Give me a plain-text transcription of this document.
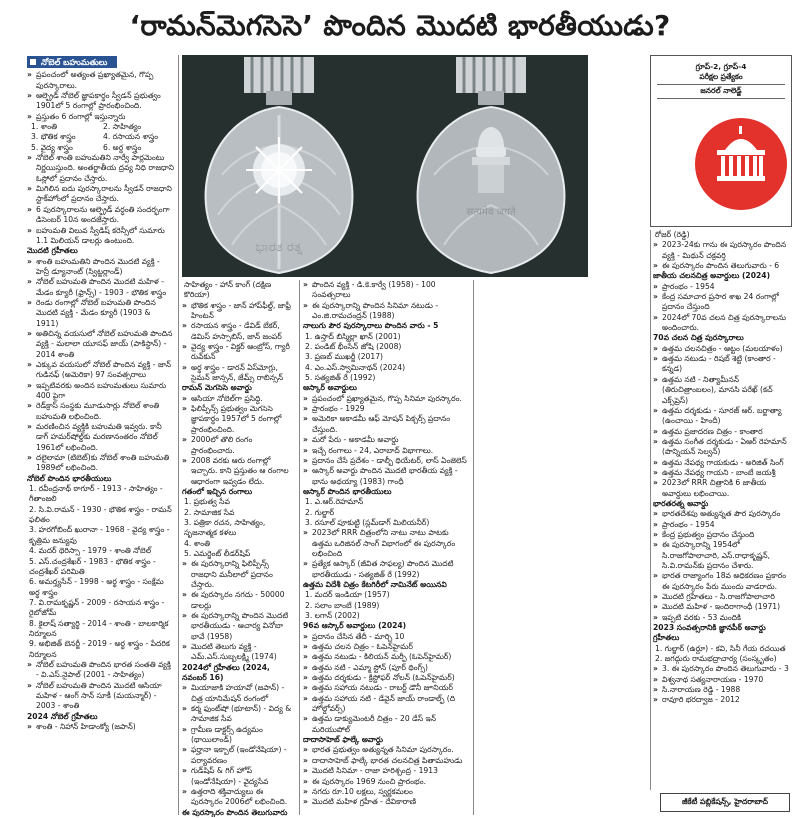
‘రామన్‌మెగసెసె’ పొందిన మొదటి భారతీయుడు?
నోబెల్ బహుమతులు

» ప్రపంచంలో అత్యంత ప్రఖ్యాతమైన, గొప్ప పురస్కారాలు.

» ఆల్ఫ్రెడ్ నోబెల్ జ్ఞాపకార్థం స్వీడన్ ప్రభుత్వం 1901లో 5 రంగాల్లో ప్రారంభించింది.

» ప్రస్తుతం 6 రంగాల్లో ఇస్తున్నారు

1. శాంతి	2. సాహిత్యం
3. భౌతిక శాస్త్రం	4. రసాయన శాస్త్రం
5. వైద్య శాస్త్రం	6. అర్థ శాస్త్రం

» నోబెల్ శాంతి బహుమతిని నార్వే పార్లమెంటు నిర్ణయిస్తుంది. అంతర్జాతీయ ద్రవ్య నిధి రాజధాని ఓస్లోలో ప్రదానం చేస్తారు.

» మిగిలిన ఐదు పురస్కారాలను స్వీడన్ రాజధాని స్టాక్‌హోంలో ప్రదానం చేస్తారు.

» 6 పురస్కారాలను ఆల్ఫ్రెడ్ వర్ధంతి సందర్భంగా డిసెంబర్ 10న అందజేస్తారు.

» బహుమతి విలువ స్వీడిష్ కరెన్సీలో సుమారు 1.1 మిలియన్ డాలర్లు ఉంటుంది.

మొదటి గ్రహీతలు

» శాంతి బహుమతిని పొందిన మొదటి వ్యక్తి - హెన్రీ డ్యూనాంట్ (స్విట్జర్లాండ్)

» నోబెల్ బహుమతి పొందిన మొదటి మహిళ - మేడం క్యూరీ (ఫ్రాన్స్) - 1903 - భౌతిక శాస్త్రం

» రెండు రంగాల్లో నోబెల్ బహుమతి పొందిన మొదటి వ్యక్తి - మేడం క్యూరీ (1903 & 1911)

» అతిచిన్న వయసులో నోబెల్ బహుమతి పొందిన వ్యక్తి - మలాలా యూసఫ్ జాయ్ (పాకిస్థాన్) - 2014 శాంతి

» ఎక్కువ వయసులో నోబెల్ పొందిన వ్యక్తి - జాన్ గుడినఫ్ (అమెరికా) 97 సంవత్సరాలు

» ఇప్పటివరకు అందిన బహుమతులు సుమారు 400 పైగా

» రెడ్‌క్రాస్ సంస్థకు మూడుసార్లు నోబెల్ శాంతి బహుమతి లభించింది.

» మరణించిన వ్యక్తికి బహుమతి ఇవ్వరు. కానీ డాగ్ హమర్‌షోల్డ్‌కు మరణానంతరం నోబెల్ 1961లో లభించింది.

» దలైలామా (టిబెట్)కు నోబెల్ శాంతి బహుమతి 1989లో లభించింది.

నోబెల్ పొందిన భారతీయులు

1. రవీంద్రనాథ్ ఠాగూర్ - 1913 - సాహిత్యం - గీతాంజలి

2. సి.వి.రామన్ - 1930 - భౌతిక శాస్త్రం - రామన్ ఫలితం

3. హరగోబింద్ ఖురానా - 1968 - వైద్య శాస్త్రం - కృత్రిమ జన్యువు

4. మదర్ థెరిస్సా - 1979 - శాంతి నోబెల్

5. ఎస్.చంద్రశేఖర్ - 1983 - భౌతిక శాస్త్రం - చంద్రశేఖర్ పరిమితి

6. అమర్త్యసేన్ - 1998 - అర్థ శాస్త్రం - సంక్షేమ అర్థ శాస్త్రం

7. వి.రామకృష్ణన్ - 2009 - రసాయన శాస్త్రం - రైబోజోమ్

8. కైలాష్ సత్యార్థి - 2014 - శాంతి - బాలకార్మిక నిర్మూలన

9. అభిజిత్ బెనర్జీ - 2019 - అర్థ శాస్త్రం - పేదరిక నిర్మూలన

» నోబెల్ బహుమతి పొందిన భారత సంతతి వ్యక్తి - వి.ఎస్.నైపాల్ (2001 - సాహిత్యం)

» నోబెల్ బహుమతి పొందిన మొదటి ఆసియా మహిళ - ఆంగ్ సాన్ సూకీ (మయన్మార్) - 2003 - శాంతి

2024 నోబెల్ గ్రహీతలు

» శాంతి - నిహాన్ హిడాంక్యో (జపాన్)

ಭಾರತ ರತ್ನ
सत्यमेव जयते
గ్రూప్‌-2, గ్రూప్‌-4
పరీక్షల ప్రత్యేకం
జనరల్ నాలెడ్జ్

సాహిత్యం - హాన్ కాంగ్ (దక్షిణ కొరియా)

» భౌతిక శాస్త్రం - జాన్ హాప్‌ఫీల్డ్, జాఫ్రీ హింటన్

» రసాయన శాస్త్రం - డేవిడ్ బేకర్, డెమిస్ హస్సాబిస్, జాన్ జంపర్

» వైద్య శాస్త్రం - విక్టర్ ఆంబ్రోస్, గ్యారీ రువ్‌కున్

» అర్థ శాస్త్రం - డారన్ ఏస్‌మోగ్లు, సైమన్ జాన్సన్, జేమ్స్ రాబిన్సన్

రామన్ మెగసెసె అవార్డు

» ఆసియా నోబెల్‌గా ప్రసిద్ధి.

» ఫిలిప్పీన్స్ ప్రభుత్వం మెగసెసె జ్ఞాపకార్థం 1957లో 5 రంగాల్లో ప్రారంభించింది.

» 2000లో తొలి రంగం ప్రారంభించారు.

» 2008 వరకు ఆరు రంగాల్లో ఇచ్చారు. కాని ప్రస్తుతం ఆ రంగాల ఆధారంగా ఇవ్వడం లేదు.

గతంలో ఇచ్చిన రంగాలు

1. ప్రభుత్వ సేవ

2. సామాజిక సేవ

3. పత్రికా రచన, సాహిత్యం, సృజనాత్మక కళలు

4. శాంతి

5. ఎమర్జెంట్ లీడర్‌షిప్

» ఈ పురస్కారాన్ని ఫిలిప్పీన్స్ రాజధాని మనీలాలో ప్రదానం చేస్తారు.

» ఈ పురస్కారం నగదు - 50000 డాలర్లు

» ఈ పురస్కారాన్ని పొందిన మొదటి భారతీయుడు - ఆచార్య వినోబా భావే (1958)

» మొదటి తెలుగు వ్యక్తి - ఎమ్.ఎస్.సుబ్బలక్ష్మి (1974)

2024లో గ్రహీతలు (2024, నవంబర్ 16)

» మియాజాకి హయావో (జపాన్) - చిత్ర యానిమేషన్ రంగంలో

» కర్మ ఫుంట్‌షో (భూటాన్) - విద్య & సామాజిక సేవ

» గ్రామీణ డాక్టర్స్ ఉద్యమం (థాయిలాండ్)

» ఫర్హానా ఇక్బాల్ (ఇండోనేషియా) - పర్యావరణం

» గుడ్‌షిప్ & గిగ్ హోప్ (ఇండోనేషియా) - వైద్యసేవ

» ఉత్తరాది శక్తివాద్యులు ఈ పురస్కారం 2006లో లభించింది.

ఈ పురస్కారం పొందిన తెలుగువారు

» పొందిన వ్యక్తి - డి.కె.కార్వే (1958) - 100 సంవత్సరాలు

» ఈ పురస్కారాన్ని పొందిన సినిమా నటుడు - ఎం.జి.రామచంద్రన్ (1988)

నాలుగు పౌర పురస్కారాలు పొందిన వారు - 5

1. ఉస్తాద్ బిస్మిల్లా ఖాన్ (2001)

2. పండిట్ భీంసేన్ జోషి (2008)

3. ప్రణబ్ ముఖర్జీ (2017)

4. ఎం.ఎస్.స్వామినాథన్ (2024)

5. సత్యజిత్ రే (1992)

ఆస్కార్ అవార్డులు

» ప్రపంచంలో ప్రఖ్యాతమైన, గొప్ప సినిమా పురస్కారం.

» ప్రారంభం - 1929

» అమెరికా అకాడమీ ఆఫ్ మోషన్ పిక్చర్స్ ప్రదానం చేస్తుంది.

» మరో పేరు - అకాడమీ అవార్డు

» ఇచ్చే రంగాలు - 24, ఎరాబాద్ విభాగాలు.

» ప్రదానం చేసే ప్రదేశం - డాల్బీ థియేటర్, లాస్ ఏంజెలెస్

» ఆస్కార్ అవార్డు పొందిన మొదటి భారతీయ వ్యక్తి - భాను అథయ్యా (1983) గాంధీ

ఆస్కార్ పొందిన భారతీయులు

1. ఎ.ఆర్.రెహమాన్

2. గుల్జార్

3. రసూల్ పూకుట్టి (స్లమ్‌డాగ్ మిలియనీర్)

» 2023లో RRR చిత్రంలోని నాటు నాటు పాటకు ఉత్తమ ఒరిజినల్ సాంగ్ విభాగంలో ఈ పురస్కారం లభించింది

» ప్రత్యేక ఆస్కార్ (జీవిత సాఫల్య) పొందిన మొదటి భారతీయుడు - సత్యజిత్ రే (1992)

ఉత్తమ విదేశీ చిత్రం కేటగిరీలో నామినేట్ అయినవి

1. మదర్ ఇండియా (1957)

2. సలాం బాంబే (1989)

3. లగాన్ (2002)

96వ ఆస్కార్ అవార్డులు (2024)

» ప్రదానం చేసిన తేదీ - మార్చి 10

» ఉత్తమ చలన చిత్రం - ఓపెన్‌హైమర్

» ఉత్తమ నటుడు - కిలియన్ మర్ఫీ (ఓపెన్‌హైమర్)

» ఉత్తమ నటి - ఎమ్మా స్టోన్ (పూర్ థింగ్స్)

» ఉత్తమ దర్శకుడు - క్రిస్టోఫర్ నోలన్ (ఓపెన్‌హైమర్)

» ఉత్తమ సహాయ నటుడు - రాబర్ట్ డౌనీ జూనియర్

» ఉత్తమ సహాయ నటి - డేవైన్ జాయ్ రాండాల్ఫ్ (ది హోల్డోవర్స్)

» ఉత్తమ డాక్యుమెంటరీ చిత్రం - 20 డేస్ ఇన్ మరియుపోల్

దాదాసాహెబ్ ఫాల్కే అవార్డు

» భారత ప్రభుత్వం అత్యున్నత సినిమా పురస్కారం.

» దాదాసాహెబ్ ఫాల్కే భారత చలనచిత్ర పితామహుడు

» మొదటి సినిమా - రాజా హరిశ్చంద్ర - 1913

» ఈ పురస్కారం 1969 నుంచి ప్రారంభం.

» నగదు రూ.10 లక్షలు, స్వర్ణకమలం

» మొదటి మహిళ గ్రహీత - దేవికారాణి

రోజర్ (రెడ్డి)

» 2023-24కు గాను ఈ పురస్కారం పొందిన వ్యక్తి - మిథున్ చక్రవర్తి

» ఈ పురస్కారం పొందిన తెలుగువారు - 6

జాతీయ చలనచిత్ర అవార్డులు (2024)

» ప్రారంభం - 1954

» కేంద్ర సమాచార ప్రసార శాఖ 24 రంగాల్లో ప్రదానం చేస్తుంది

» 2024లో 70వ చలన చిత్ర పురస్కారాలను అందించారు.

70వ చలన చిత్ర పురస్కారాలు

» ఉత్తమ చలనచిత్రం - ఆట్టం (మలయాళం)

» ఉత్తమ నటుడు - రిషబ్ శెట్టి (కాంతార - కన్నడ)

» ఉత్తమ నటి - నిత్యామీనన్ (తిరుచిత్రాంబలం), మానసి పరేఖ్ (కచ్ ఎక్స్‌ప్రెస్)

» ఉత్తమ దర్శకుడు - సూరజ్ ఆర్. బర్జాత్యా (ఉంచాయి - హిందీ)

» ఉత్తమ ప్రజాదరణ చిత్రం - కాంతార

» ఉత్తమ సంగీత దర్శకుడు - ఏఆర్ రెహమాన్ (పొన్నియన్ సెల్వన్)

» ఉత్తమ నేపథ్య గాయకుడు - అరిజిత్ సింగ్

» ఉత్తమ నేపథ్య గాయని - బాంబే జయశ్రీ

» 2023లో RRR చిత్రానికి 6 జాతీయ అవార్డులు లభించాయి.

భారతరత్న అవార్డు

» భారతదేశపు అత్యున్నత పౌర పురస్కారం

» ప్రారంభం - 1954

» కేంద్ర ప్రభుత్వం ప్రదానం చేస్తుంది

» ఈ పురస్కారాన్ని 1954లో సి.రాజగోపాలాచారి, ఎస్.రాధాకృష్ణన్, సి.వి.రామన్‌కు ప్రదానం చేశారు.

» భారత రాజ్యాంగం 18వ అధికరణం ప్రకారం ఈ పురస్కారం పేరు ముందు వాడరాదు.

» మొదటి గ్రహీతలు - సి.రాజగోపాలాచారి

» మొదటి మహిళ - ఇందిరాగాంధీ (1971)

» ఇప్పటి వరకు - 53 మందికి

2023 సంవత్సరానికి జ్ఞానపీఠ్ అవార్డు గ్రహీతలు

1. గుల్జార్ (ఉర్దూ) - కవి, సినీ గేయ రచయిత

2. జగద్గురు రామభద్రాచార్య (సంస్కృతం)

» 3. ఈ పురస్కారం పొందిన తెలుగువారు - 3

» విశ్వనాథ సత్యనారాయణ - 1970

» సి.నారాయణ రెడ్డి - 1988

» రావూరి భరద్వాజ - 2012

జీకేటీ పబ్లికేషన్స్, హైదరాబాద్
